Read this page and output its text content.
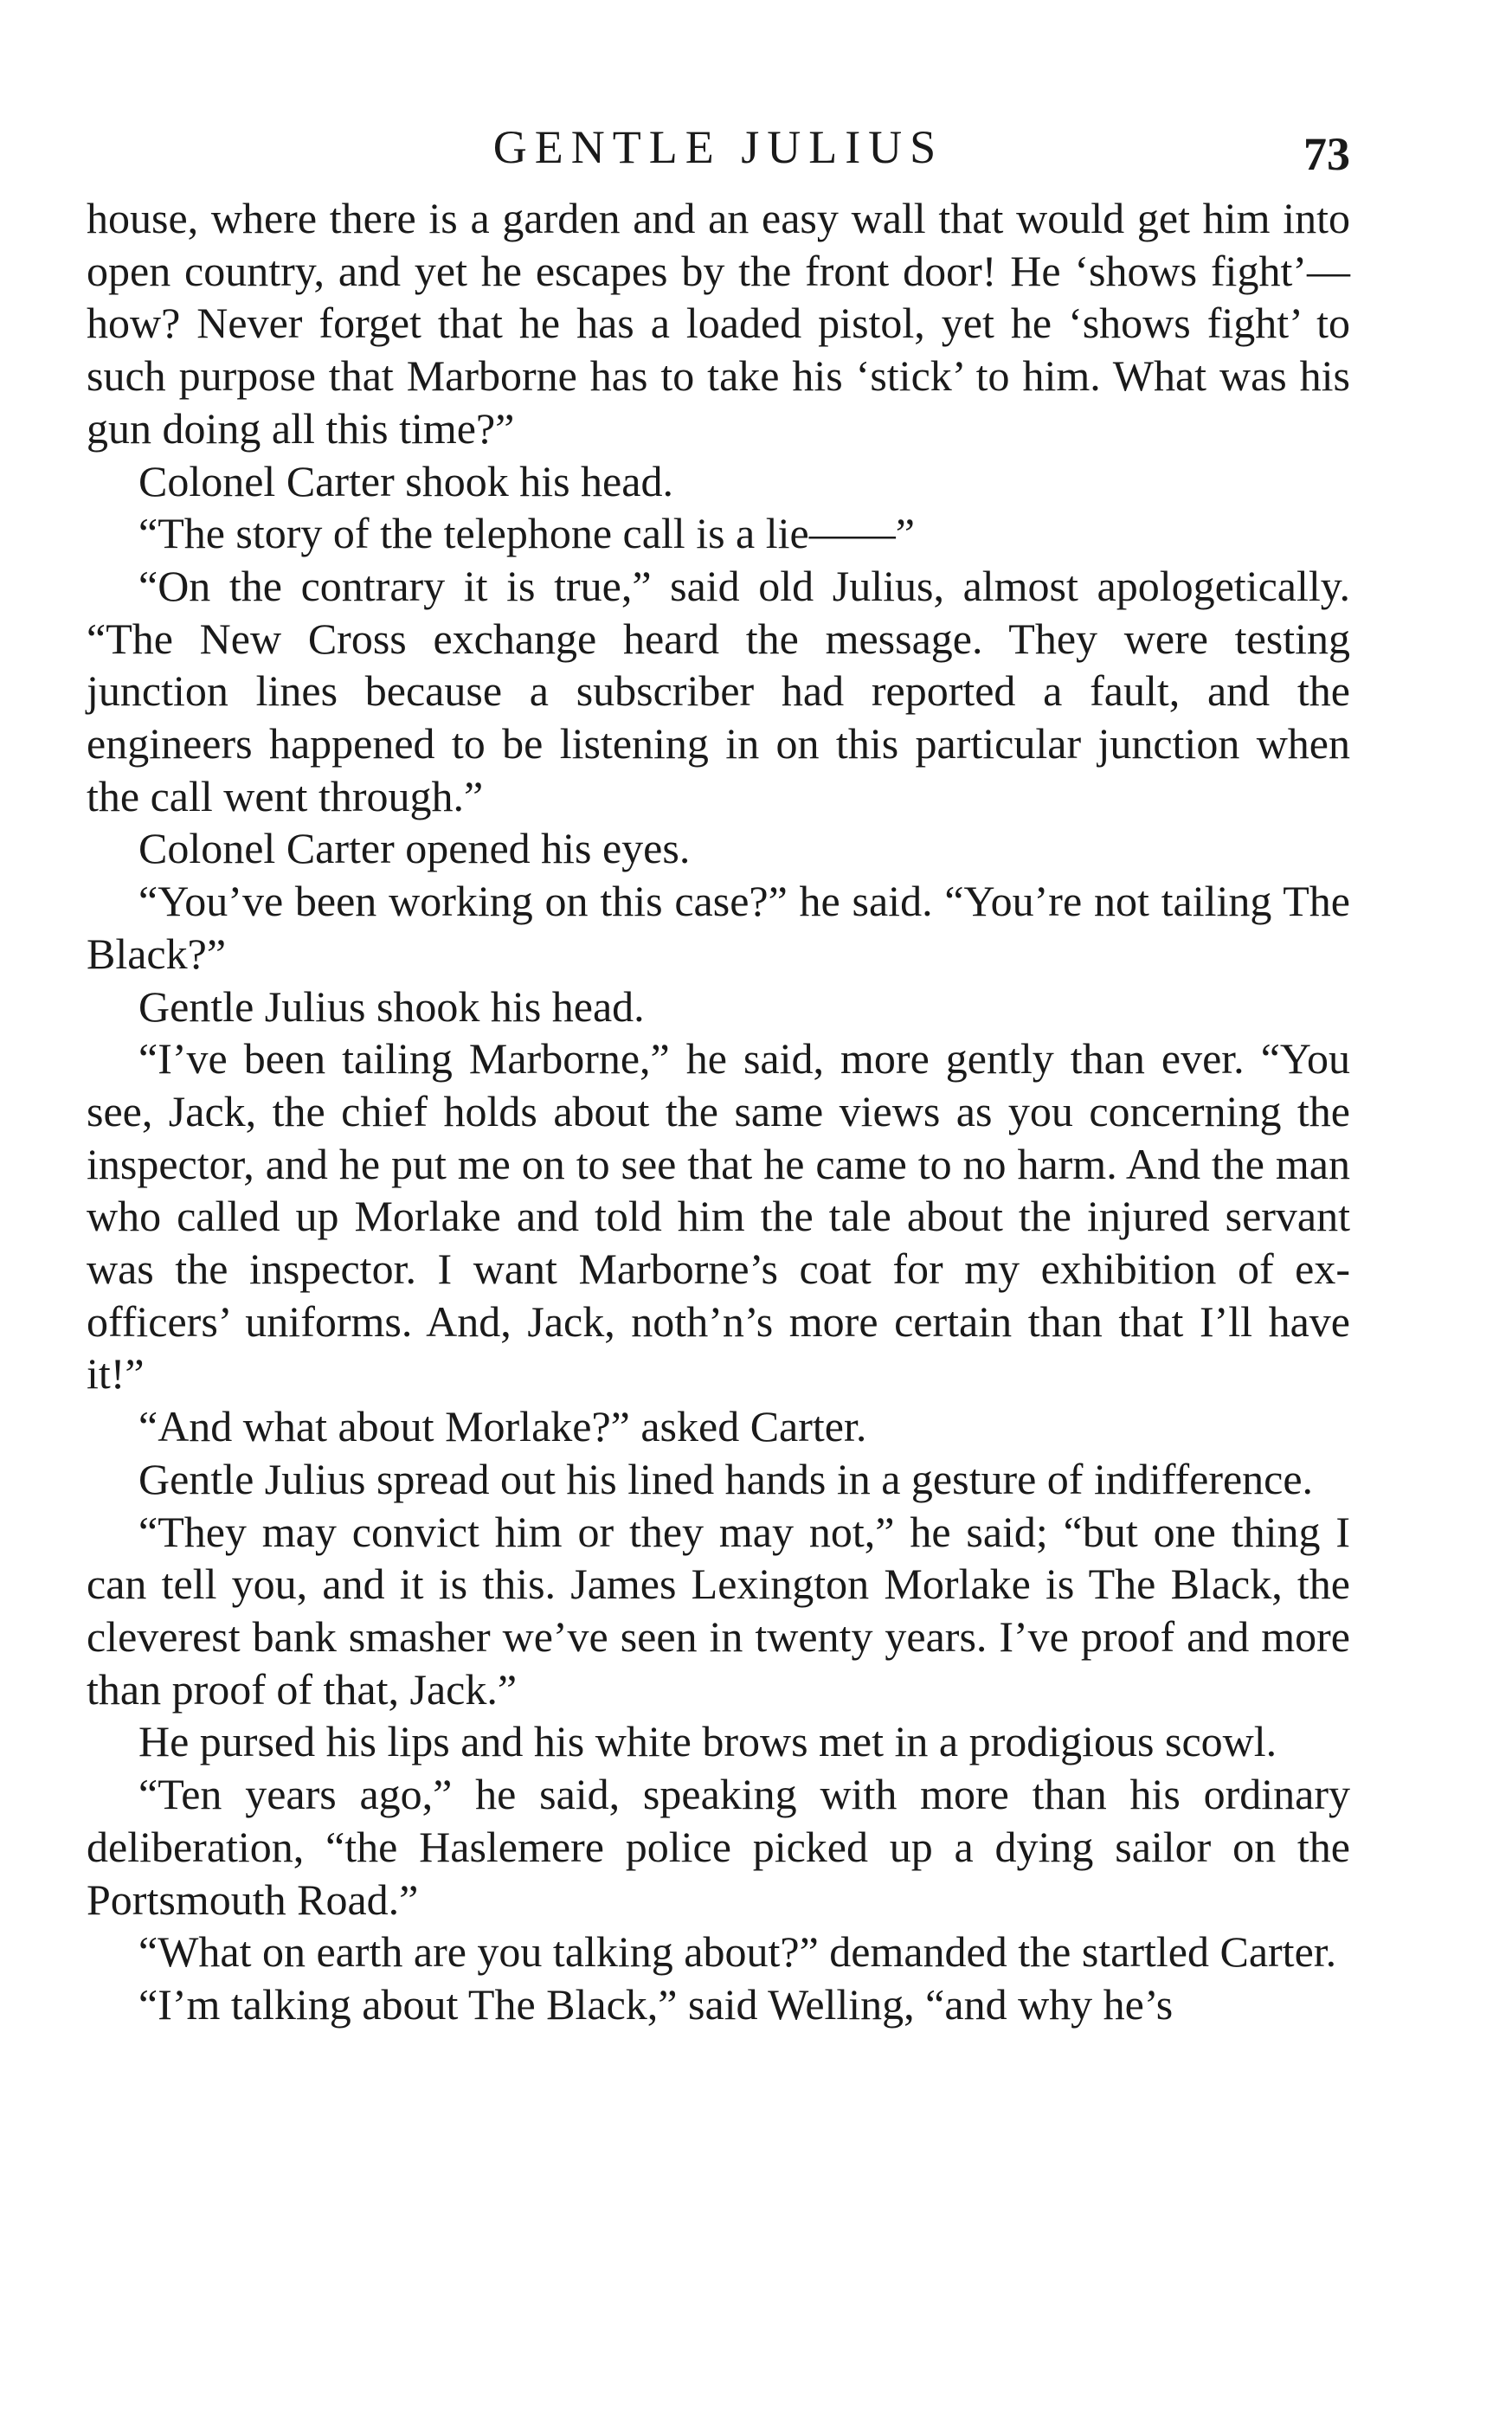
GENTLE JULIUS	73

house, where there is a garden and an easy wall that would get him into open country, and yet he escapes by the front door! He ‘shows fight’—how? Never forget that he has a loaded pistol, yet he ‘shows fight’ to such purpose that Marborne has to take his ‘stick’ to him. What was his gun doing all this time?”

Colonel Carter shook his head.

“The story of the telephone call is a lie——”

“On the contrary it is true,” said old Julius, almost apologetically. “The New Cross exchange heard the message. They were testing junction lines because a subscriber had reported a fault, and the engineers happened to be listening in on this particular junction when the call went through.”

Colonel Carter opened his eyes.

“You’ve been working on this case?” he said. “You’re not tailing The Black?”

Gentle Julius shook his head.

“I’ve been tailing Marborne,” he said, more gently than ever. “You see, Jack, the chief holds about the same views as you concerning the inspector, and he put me on to see that he came to no harm. And the man who called up Morlake and told him the tale about the injured servant was the inspector. I want Marborne’s coat for my exhibition of ex-officers’ uniforms. And, Jack, noth’n’s more certain than that I’ll have it!”

“And what about Morlake?” asked Carter.

Gentle Julius spread out his lined hands in a gesture of indifference.

“They may convict him or they may not,” he said; “but one thing I can tell you, and it is this. James Lexington Morlake is The Black, the cleverest bank smasher we’ve seen in twenty years. I’ve proof and more than proof of that, Jack.”

He pursed his lips and his white brows met in a prodigious scowl.

“Ten years ago,” he said, speaking with more than his ordinary deliberation, “the Haslemere police picked up a dying sailor on the Portsmouth Road.”

“What on earth are you talking about?” demanded the startled Carter.

“I’m talking about The Black,” said Welling, “and why he’s
